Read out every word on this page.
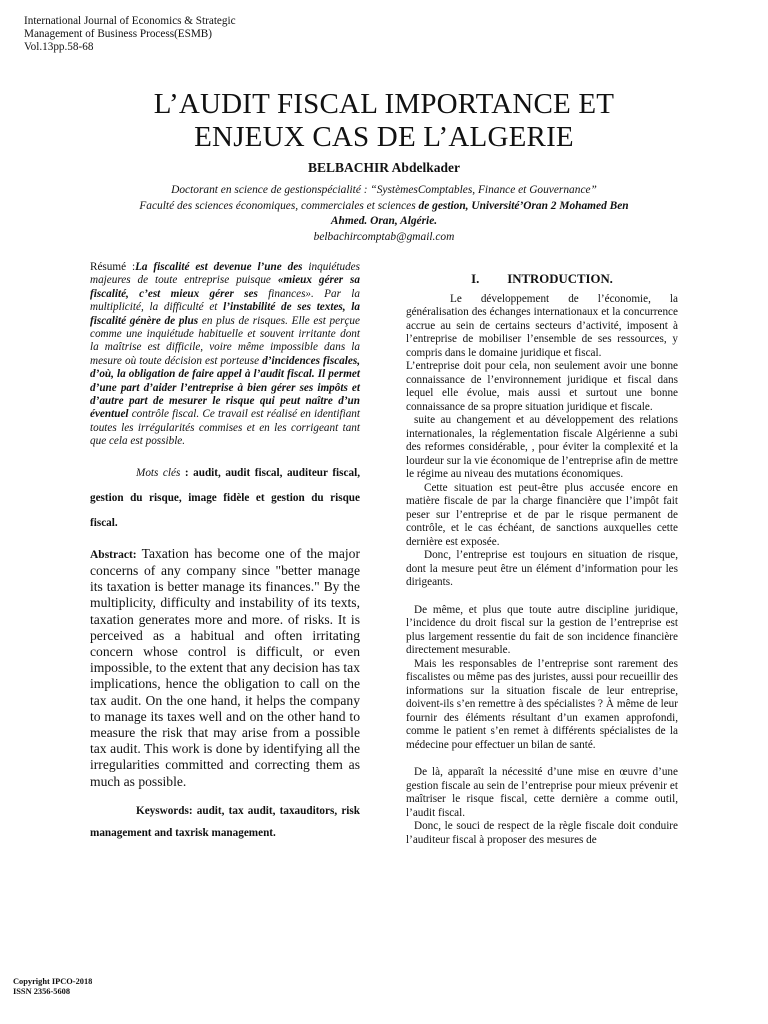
International Journal of Economics & Strategic
Management of Business Process(ESMB)
Vol.13pp.58-68
L’AUDIT FISCAL IMPORTANCE ET
ENJEUX CAS DE L’ALGERIE
BELBACHIR Abdelkader
Doctorant en science de gestionspécialité : “SystèmesComptables, Finance et Gouvernance”
Faculté des sciences économiques, commerciales et sciences de gestion, Université’Oran 2 Mohamed Ben
Ahmed. Oran, Algérie.
belbachircomptab@gmail.com

Résumé :La fiscalité est devenue l’une des inquiétudes majeures de toute entreprise puisque «mieux gérer sa fiscalité, c’est mieux gérer ses finances». Par la multiplicité, la difficulté et l’instabilité de ses textes, la fiscalité génère de plus en plus de risques. Elle est perçue comme une inquiétude habituelle et souvent irritante dont la maîtrise est difficile, voire même impossible dans la mesure où toute décision est porteuse d’incidences fiscales, d’où, la obligation de faire appel à l’audit fiscal. Il permet d’une part d’aider l’entreprise à bien gérer ses impôts et d’autre part de mesurer le risque qui peut naître d’un éventuel contrôle fiscal. Ce travail est réalisé en identifiant toutes les irrégularités commises et en les corrigeant tant que cela est possible.

Mots clés : audit, audit fiscal, auditeur fiscal, gestion du risque, image fidèle et gestion du risque fiscal.

Abstract: Taxation has become one of the major concerns of any company since "better manage its taxation is better manage its finances." By the multiplicity, difficulty and instability of its texts, taxation generates more and more. of risks. It is perceived as a habitual and often irritating concern whose control is difficult, or even impossible, to the extent that any decision has tax implications, hence the obligation to call on the tax audit. On the one hand, it helps the company to manage its taxes well and on the other hand to measure the risk that may arise from a possible tax audit. This work is done by identifying all the irregularities committed and correcting them as much as possible.

Keyswords: audit, tax audit, taxauditors, risk management and taxrisk management.

I. INTRODUCTION.

Le développement de l’économie, la généralisation des échanges internationaux et la concurrence accrue au sein de certains secteurs d’activité, imposent à l’entreprise de mobiliser l’ensemble de ses ressources, y compris dans le domaine juridique et fiscal.

L’entreprise doit pour cela, non seulement avoir une bonne connaissance de l’environnement juridique et fiscal dans lequel elle évolue, mais aussi et surtout une bonne connaissance de sa propre situation juridique et fiscale.

suite au changement et au développement des relations internationales, la réglementation fiscale Algérienne a subi des reformes considérable, , pour éviter la complexité et la lourdeur sur la vie économique de l’entreprise afin de mettre le régime au niveau des mutations économiques.

Cette situation est peut-être plus accusée encore en matière fiscale de par la charge financière que l’impôt fait peser sur l’entreprise et de par le risque permanent de contrôle, et le cas échéant, de sanctions auxquelles cette dernière est exposée.

Donc, l’entreprise est toujours en situation de risque, dont la mesure peut être un élément d’information pour les dirigeants.

De même, et plus que toute autre discipline juridique, l’incidence du droit fiscal sur la gestion de l’entreprise est plus largement ressentie du fait de son incidence financière directement mesurable.

Mais les responsables de l’entreprise sont rarement des fiscalistes ou même pas des juristes, aussi pour recueillir des informations sur la situation fiscale de leur entreprise, doivent-ils s’en remettre à des spécialistes ? À même de leur fournir des éléments résultant d’un examen approfondi, comme le patient s’en remet à différents spécialistes de la médecine pour effectuer un bilan de santé.

De là, apparaît la nécessité d’une mise en œuvre d’une gestion fiscale au sein de l’entreprise pour mieux prévenir et maîtriser le risque fiscal, cette dernière a comme outil, l’audit fiscal.

Donc, le souci de respect de la règle fiscale doit conduire l’auditeur fiscal à proposer des mesures de

Copyright IPCO-2018
ISSN 2356-5608
